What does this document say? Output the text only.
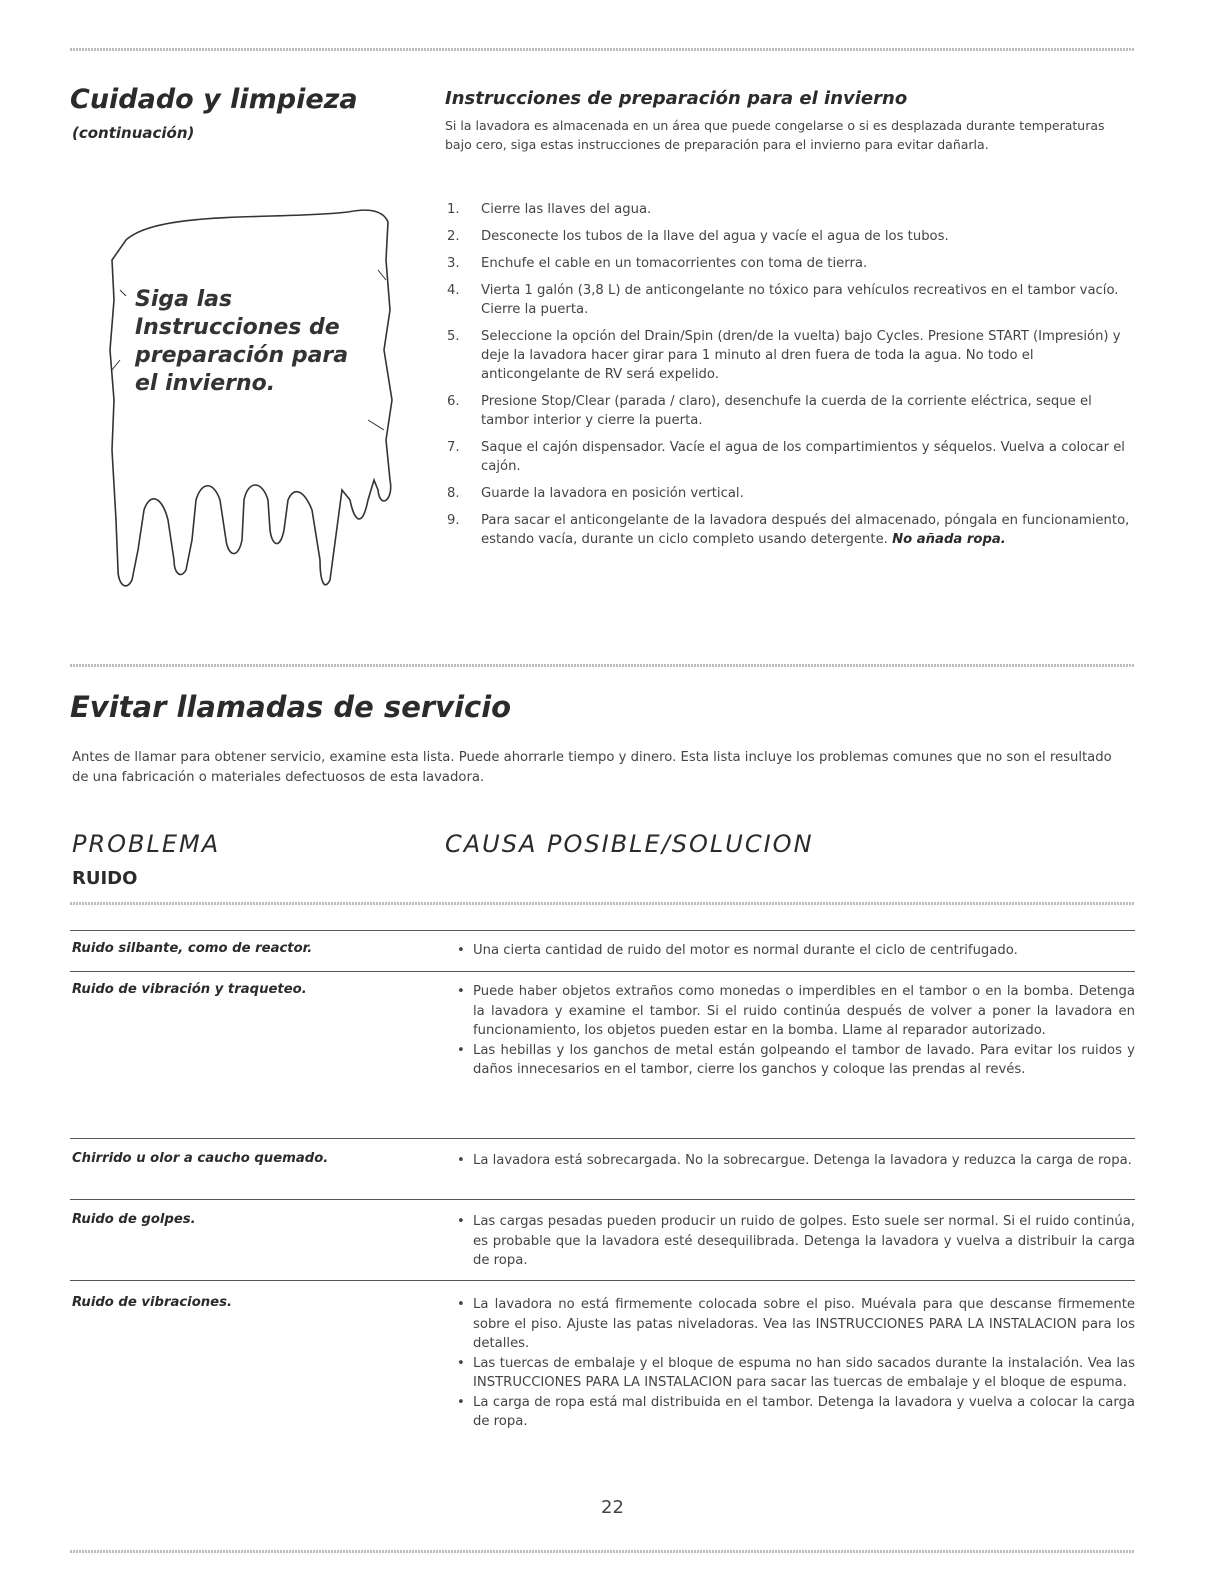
Cuidado y limpieza
(continuación)
Siga las Instrucciones de preparación para el invierno.
Instrucciones de preparación para el invierno
Si la lavadora es almacenada en un área que puede congelarse o si es desplazada durante temperaturas bajo cero, siga estas instrucciones de preparación para el invierno para evitar dañarla.
1. Cierre las llaves del agua.
2. Desconecte los tubos de la llave del agua y vacíe el agua de los tubos.
3. Enchufe el cable en un tomacorrientes con toma de tierra.
4. Vierta 1 galón (3,8 L) de anticongelante no tóxico para vehículos recreativos en el tambor vacío. Cierre la puerta.
5. Seleccione la opción del Drain/Spin (dren/de la vuelta) bajo Cycles. Presione START (Impresión) y deje la lavadora hacer girar para 1 minuto al dren fuera de toda la agua. No todo el anticongelante de RV será expelido.
6. Presione Stop/Clear (parada / claro), desenchufe la cuerda de la corriente eléctrica, seque el tambor interior y cierre la puerta.
7. Saque el cajón dispensador. Vacíe el agua de los compartimientos y séquelos. Vuelva a colocar el cajón.
8. Guarde la lavadora en posición vertical.
9. Para sacar el anticongelante de la lavadora después del almacenado, póngala en funcionamiento, estando vacía, durante un ciclo completo usando detergente. No añada ropa.
Evitar llamadas de servicio
Antes de llamar para obtener servicio, examine esta lista. Puede ahorrarle tiempo y dinero. Esta lista incluye los problemas comunes que no son el resultado de una fabricación o materiales defectuosos de esta lavadora.
PROBLEMA	CAUSA POSIBLE/SOLUCION
RUIDO
Ruido silbante, como de reactor.	• Una cierta cantidad de ruido del motor es normal durante el ciclo de centrifugado.
Ruido de vibración y traqueteo.	• Puede haber objetos extraños como monedas o imperdibles en el tambor o en la bomba. Detenga la lavadora y examine el tambor. Si el ruido continúa después de volver a poner la lavadora en funcionamiento, los objetos pueden estar en la bomba. Llame al reparador autorizado.
• Las hebillas y los ganchos de metal están golpeando el tambor de lavado. Para evitar los ruidos y daños innecesarios en el tambor, cierre los ganchos y coloque las prendas al revés.
Chirrido u olor a caucho quemado.	• La lavadora está sobrecargada. No la sobrecargue. Detenga la lavadora y reduzca la carga de ropa.
Ruido de golpes.	• Las cargas pesadas pueden producir un ruido de golpes. Esto suele ser normal. Si el ruido continúa, es probable que la lavadora esté desequilibrada. Detenga la lavadora y vuelva a distribuir la carga de ropa.
Ruido de vibraciones.	• La lavadora no está firmemente colocada sobre el piso. Muévala para que descanse firmemente sobre el piso. Ajuste las patas niveladoras. Vea las INSTRUCCIONES PARA LA INSTALACION para los detalles.
• Las tuercas de embalaje y el bloque de espuma no han sido sacados durante la instalación. Vea las INSTRUCCIONES PARA LA INSTALACION para sacar las tuercas de embalaje y el bloque de espuma.
• La carga de ropa está mal distribuida en el tambor. Detenga la lavadora y vuelva a colocar la carga de ropa.
22
